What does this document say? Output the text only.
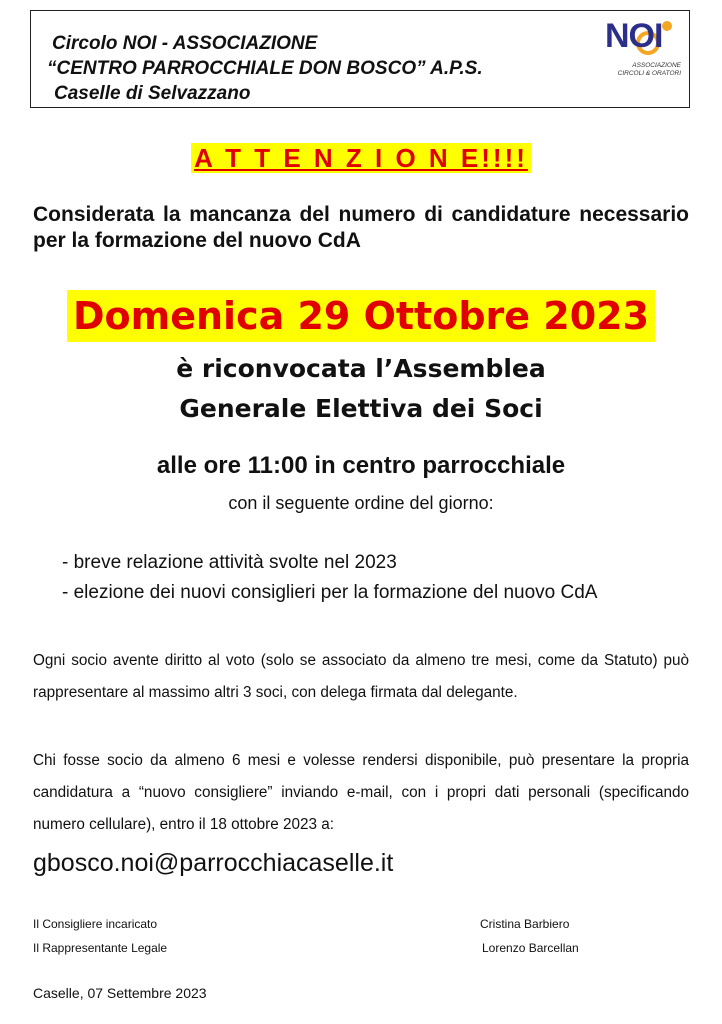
Circolo NOI - ASSOCIAZIONE
“CENTRO PARROCCHIALE DON BOSCO” A.P.S.
Caselle di Selvazzano
NOI
ASSOCIAZIONE
CIRCOLI & ORATORI
A T T E N Z I O N E!!!!
Considerata la mancanza del numero di candidature necessario per la formazione del nuovo CdA
Domenica 29 Ottobre 2023
è riconvocata l’Assemblea
Generale Elettiva dei Soci
alle ore 11:00 in centro parrocchiale
con il seguente ordine del giorno:
- breve relazione attività svolte nel 2023
- elezione dei nuovi consiglieri per la formazione del nuovo CdA
Ogni socio avente diritto al voto (solo se associato da almeno tre mesi, come da Statuto) può rappresentare al massimo altri 3 soci, con delega firmata dal delegante.
Chi fosse socio da almeno 6 mesi e volesse rendersi disponibile, può presentare la propria candidatura a “nuovo consigliere” inviando e-mail, con i propri dati personali (specificando numero cellulare), entro il 18 ottobre 2023 a:
gbosco.noi@parrocchiacaselle.it
Il Consigliere incaricato	Cristina Barbiero
Il Rappresentante Legale	Lorenzo Barcellan
Caselle, 07 Settembre 2023
